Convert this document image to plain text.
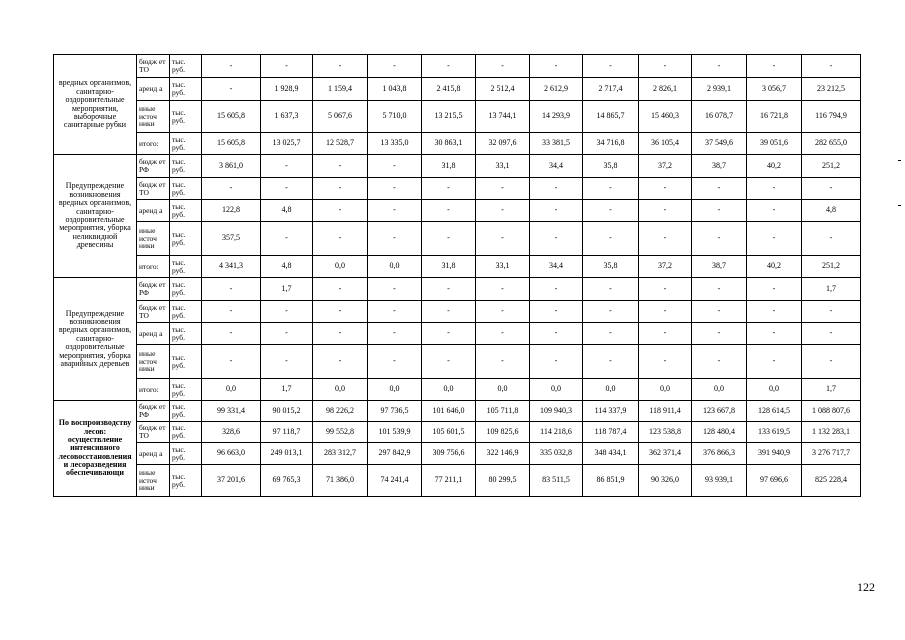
вредных организмов, санитарно-оздоровительные мероприятия, выборочные санитарные рубки	бюдж ет ТО	тыс. руб.	-	-	-	-	-	-	-	-	-	-	-	-
	аренд а	тыс. руб.	-	1 928,9	1 159,4	1 043,8	2 415,8	2 512,4	2 612,9	2 717,4	2 826,1	2 939,1	3 056,7	23 212,5
	иные источ ники	тыс. руб.	15 605,8	1 637,3	5 067,6	5 710,0	13 215,5	13 744,1	14 293,9	14 865,7	15 460,3	16 078,7	16 721,8	116 794,9
	итого:	тыс. руб.	15 605,8	13 025,7	12 528,7	13 335,0	30 863,1	32 097,6	33 381,5	34 716,8	36 105,4	37 549,6	39 051,6	282 655,0
Предупреждение возникновения вредных организмов, санитарно-оздоровительные мероприятия, уборка неликвидной древесины	бюдж ет РФ	тыс. руб.	3 861,0	-	-	-	31,8	33,1	34,4	35,8	37,2	38,7	40,2	251,2
	бюдж ет ТО	тыс. руб.	-	-	-	-	-	-	-	-	-	-	-	-
	аренд а	тыс. руб.	122,8	4,8	-	-	-	-	-	-	-	-	-	4,8
	иные источ ники	тыс. руб.	357,5	-	-	-	-	-	-	-	-	-	-	-
	итого:	тыс. руб.	4 341,3	4,8	0,0	0,0	31,8	33,1	34,4	35,8	37,2	38,7	40,2	251,2
Предупреждение возникновения вредных организмов, санитарно-оздоровительные мероприятия, уборка аварийных деревьев	бюдж ет РФ	тыс. руб.	-	1,7	-	-	-	-	-	-	-	-	-	1,7
	бюдж ет ТО	тыс. руб.	-	-	-	-	-	-	-	-	-	-	-	-
	аренд а	тыс. руб.	-	-	-	-	-	-	-	-	-	-	-	-
	иные источ ники	тыс. руб.	-	-	-	-	-	-	-	-	-	-	-	-
	итого:	тыс. руб.	0,0	1,7	0,0	0,0	0,0	0,0	0,0	0,0	0,0	0,0	0,0	1,7
По воспроизводству лесов: осуществление интенсивного лесовосстановления и лесоразведения обеспечивающи	бюдж ет РФ	тыс. руб.	99 331,4	90 015,2	98 226,2	97 736,5	101 646,0	105 711,8	109 940,3	114 337,9	118 911,4	123 667,8	128 614,5	1 088 807,6
	бюдж ет ТО	тыс. руб.	328,6	97 118,7	99 552,8	101 539,9	105 601,5	109 825,6	114 218,6	118 787,4	123 538,8	128 480,4	133 619,5	1 132 283,1
	аренд а	тыс. руб.	96 663,0	249 013,1	283 312,7	297 842,9	309 756,6	322 146,9	335 032,8	348 434,1	362 371,4	376 866,3	391 940,9	3 276 717,7
	иные источ ники	тыс. руб.	37 201,6	69 765,3	71 386,0	74 241,4	77 211,1	80 299,5	83 511,5	86 851,9	90 326,0	93 939,1	97 696,6	825 228,4
122
